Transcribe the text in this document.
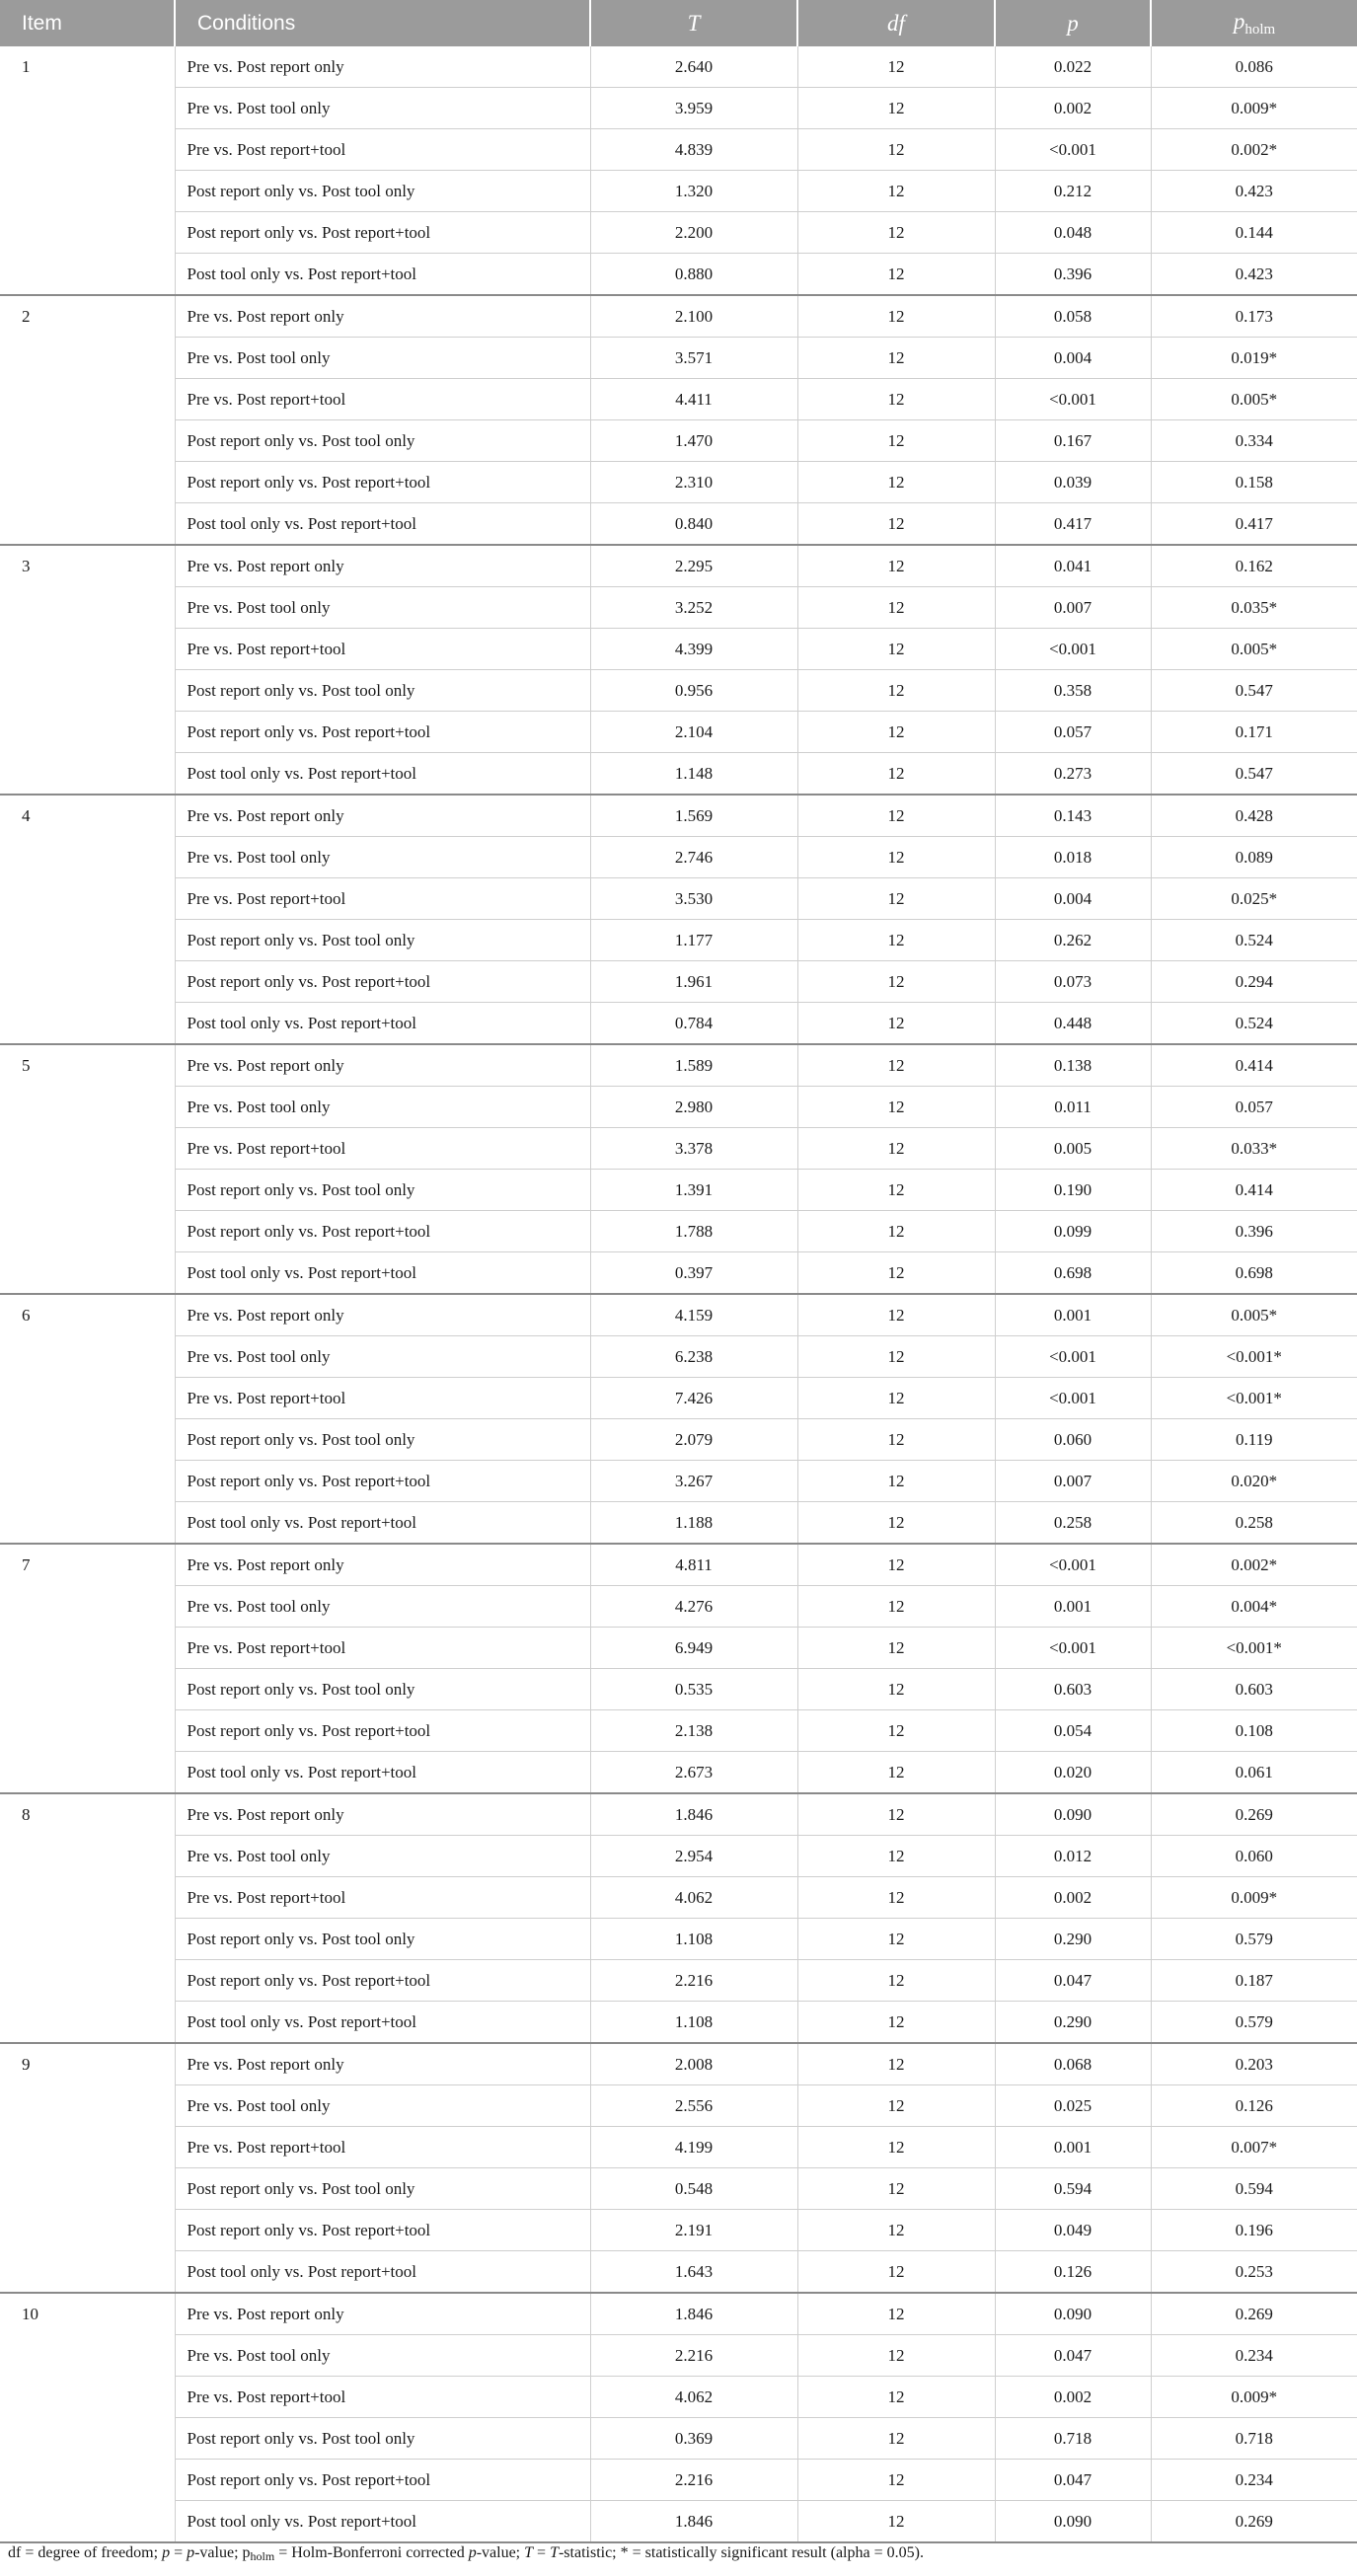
Item	Conditions	T	df	p	$p_{holm}$
1	Pre vs. Post report only	2.640	12	0.022	0.086
	Pre vs. Post tool only	3.959	12	0.002	0.009*
	Pre vs. Post report+tool	4.839	12	<0.001	0.002*
	Post report only vs. Post tool only	1.320	12	0.212	0.423
	Post report only vs. Post report+tool	2.200	12	0.048	0.144
	Post tool only vs. Post report+tool	0.880	12	0.396	0.423
2	Pre vs. Post report only	2.100	12	0.058	0.173
	Pre vs. Post tool only	3.571	12	0.004	0.019*
	Pre vs. Post report+tool	4.411	12	<0.001	0.005*
	Post report only vs. Post tool only	1.470	12	0.167	0.334
	Post report only vs. Post report+tool	2.310	12	0.039	0.158
	Post tool only vs. Post report+tool	0.840	12	0.417	0.417
3	Pre vs. Post report only	2.295	12	0.041	0.162
	Pre vs. Post tool only	3.252	12	0.007	0.035*
	Pre vs. Post report+tool	4.399	12	<0.001	0.005*
	Post report only vs. Post tool only	0.956	12	0.358	0.547
	Post report only vs. Post report+tool	2.104	12	0.057	0.171
	Post tool only vs. Post report+tool	1.148	12	0.273	0.547
4	Pre vs. Post report only	1.569	12	0.143	0.428
	Pre vs. Post tool only	2.746	12	0.018	0.089
	Pre vs. Post report+tool	3.530	12	0.004	0.025*
	Post report only vs. Post tool only	1.177	12	0.262	0.524
	Post report only vs. Post report+tool	1.961	12	0.073	0.294
	Post tool only vs. Post report+tool	0.784	12	0.448	0.524
5	Pre vs. Post report only	1.589	12	0.138	0.414
	Pre vs. Post tool only	2.980	12	0.011	0.057
	Pre vs. Post report+tool	3.378	12	0.005	0.033*
	Post report only vs. Post tool only	1.391	12	0.190	0.414
	Post report only vs. Post report+tool	1.788	12	0.099	0.396
	Post tool only vs. Post report+tool	0.397	12	0.698	0.698
6	Pre vs. Post report only	4.159	12	0.001	0.005*
	Pre vs. Post tool only	6.238	12	<0.001	<0.001*
	Pre vs. Post report+tool	7.426	12	<0.001	<0.001*
	Post report only vs. Post tool only	2.079	12	0.060	0.119
	Post report only vs. Post report+tool	3.267	12	0.007	0.020*
	Post tool only vs. Post report+tool	1.188	12	0.258	0.258
7	Pre vs. Post report only	4.811	12	<0.001	0.002*
	Pre vs. Post tool only	4.276	12	0.001	0.004*
	Pre vs. Post report+tool	6.949	12	<0.001	<0.001*
	Post report only vs. Post tool only	0.535	12	0.603	0.603
	Post report only vs. Post report+tool	2.138	12	0.054	0.108
	Post tool only vs. Post report+tool	2.673	12	0.020	0.061
8	Pre vs. Post report only	1.846	12	0.090	0.269
	Pre vs. Post tool only	2.954	12	0.012	0.060
	Pre vs. Post report+tool	4.062	12	0.002	0.009*
	Post report only vs. Post tool only	1.108	12	0.290	0.579
	Post report only vs. Post report+tool	2.216	12	0.047	0.187
	Post tool only vs. Post report+tool	1.108	12	0.290	0.579
9	Pre vs. Post report only	2.008	12	0.068	0.203
	Pre vs. Post tool only	2.556	12	0.025	0.126
	Pre vs. Post report+tool	4.199	12	0.001	0.007*
	Post report only vs. Post tool only	0.548	12	0.594	0.594
	Post report only vs. Post report+tool	2.191	12	0.049	0.196
	Post tool only vs. Post report+tool	1.643	12	0.126	0.253
10	Pre vs. Post report only	1.846	12	0.090	0.269
	Pre vs. Post tool only	2.216	12	0.047	0.234
	Pre vs. Post report+tool	4.062	12	0.002	0.009*
	Post report only vs. Post tool only	0.369	12	0.718	0.718
	Post report only vs. Post report+tool	2.216	12	0.047	0.234
	Post tool only vs. Post report+tool	1.846	12	0.090	0.269
df = degree of freedom; p = p-value; pholm = Holm-Bonferroni corrected p-value; T = T-statistic; * = statistically significant result (alpha = 0.05).
